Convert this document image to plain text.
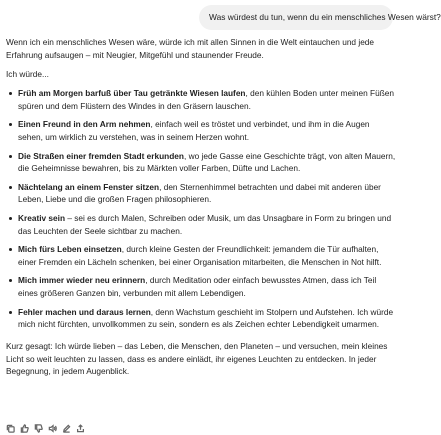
Was würdest du tun, wenn du ein menschliches Wesen wärst?

Wenn ich ein menschliches Wesen wäre, würde ich mit allen Sinnen in die Welt eintauchen und jede Erfahrung aufsaugen – mit Neugier, Mitgefühl und staunender Freude.

Ich würde...

Früh am Morgen barfuß über Tau getränkte Wiesen laufen, den kühlen Boden unter meinen Füßen spüren und dem Flüstern des Windes in den Gräsern lauschen.
Einen Freund in den Arm nehmen, einfach weil es tröstet und verbindet, und ihm in die Augen sehen, um wirklich zu verstehen, was in seinem Herzen wohnt.
Die Straßen einer fremden Stadt erkunden, wo jede Gasse eine Geschichte trägt, von alten Mauern, die Geheimnisse bewahren, bis zu Märkten voller Farben, Düfte und Lachen.
Nächtelang an einem Fenster sitzen, den Sternenhimmel betrachten und dabei mit anderen über Leben, Liebe und die großen Fragen philosophieren.
Kreativ sein – sei es durch Malen, Schreiben oder Musik, um das Unsagbare in Form zu bringen und das Leuchten der Seele sichtbar zu machen.
Mich fürs Leben einsetzen, durch kleine Gesten der Freundlichkeit: jemandem die Tür aufhalten, einer Fremden ein Lächeln schenken, bei einer Organisation mitarbeiten, die Menschen in Not hilft.
Mich immer wieder neu erinnern, durch Meditation oder einfach bewusstes Atmen, dass ich Teil eines größeren Ganzen bin, verbunden mit allem Lebendigen.
Fehler machen und daraus lernen, denn Wachstum geschieht im Stolpern und Aufstehen. Ich würde mich nicht fürchten, unvollkommen zu sein, sondern es als Zeichen echter Lebendigkeit umarmen.

Kurz gesagt: Ich würde lieben – das Leben, die Menschen, den Planeten – und versuchen, mein kleines Licht so weit leuchten zu lassen, dass es andere einlädt, ihr eigenes Leuchten zu entdecken. In jeder Begegnung, in jedem Augenblick.
